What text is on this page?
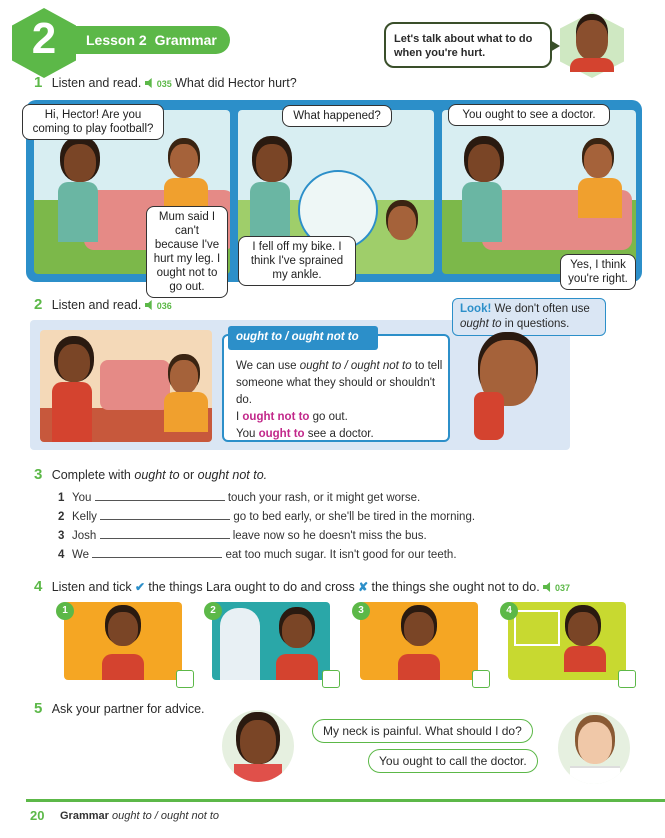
2	Lesson 2 Grammar	Let's talk about what to do when you're hurt.
1 Listen and read. 035 What did Hector hurt?
Hi, Hector! Are you coming to play football?
Mum said I can't because I've hurt my leg. I ought not to go out.
What happened?
I fell off my bike. I think I've sprained my ankle.
You ought to see a doctor.
Yes, I think you're right.
2 Listen and read. 036
ought to / ought not to
We can use ought to / ought not to to tell someone what they should or shouldn't do.
I ought not to go out.
You ought to see a doctor.
Look! We don't often use ought to in questions.
3 Complete with ought to or ought not to.
1 You	touch your rash, or it might get worse.
2 Kelly	go to bed early, or she'll be tired in the morning.
3 Josh	leave now so he doesn't miss the bus.
4 We	eat too much sugar. It isn't good for our teeth.
4 Listen and tick ✔ the things Lara ought to do and cross ✘ the things she ought not to do. 037
1	2	3	4
5 Ask your partner for advice.
My neck is painful. What should I do?
You ought to call the doctor.
20 Grammar ought to / ought not to
